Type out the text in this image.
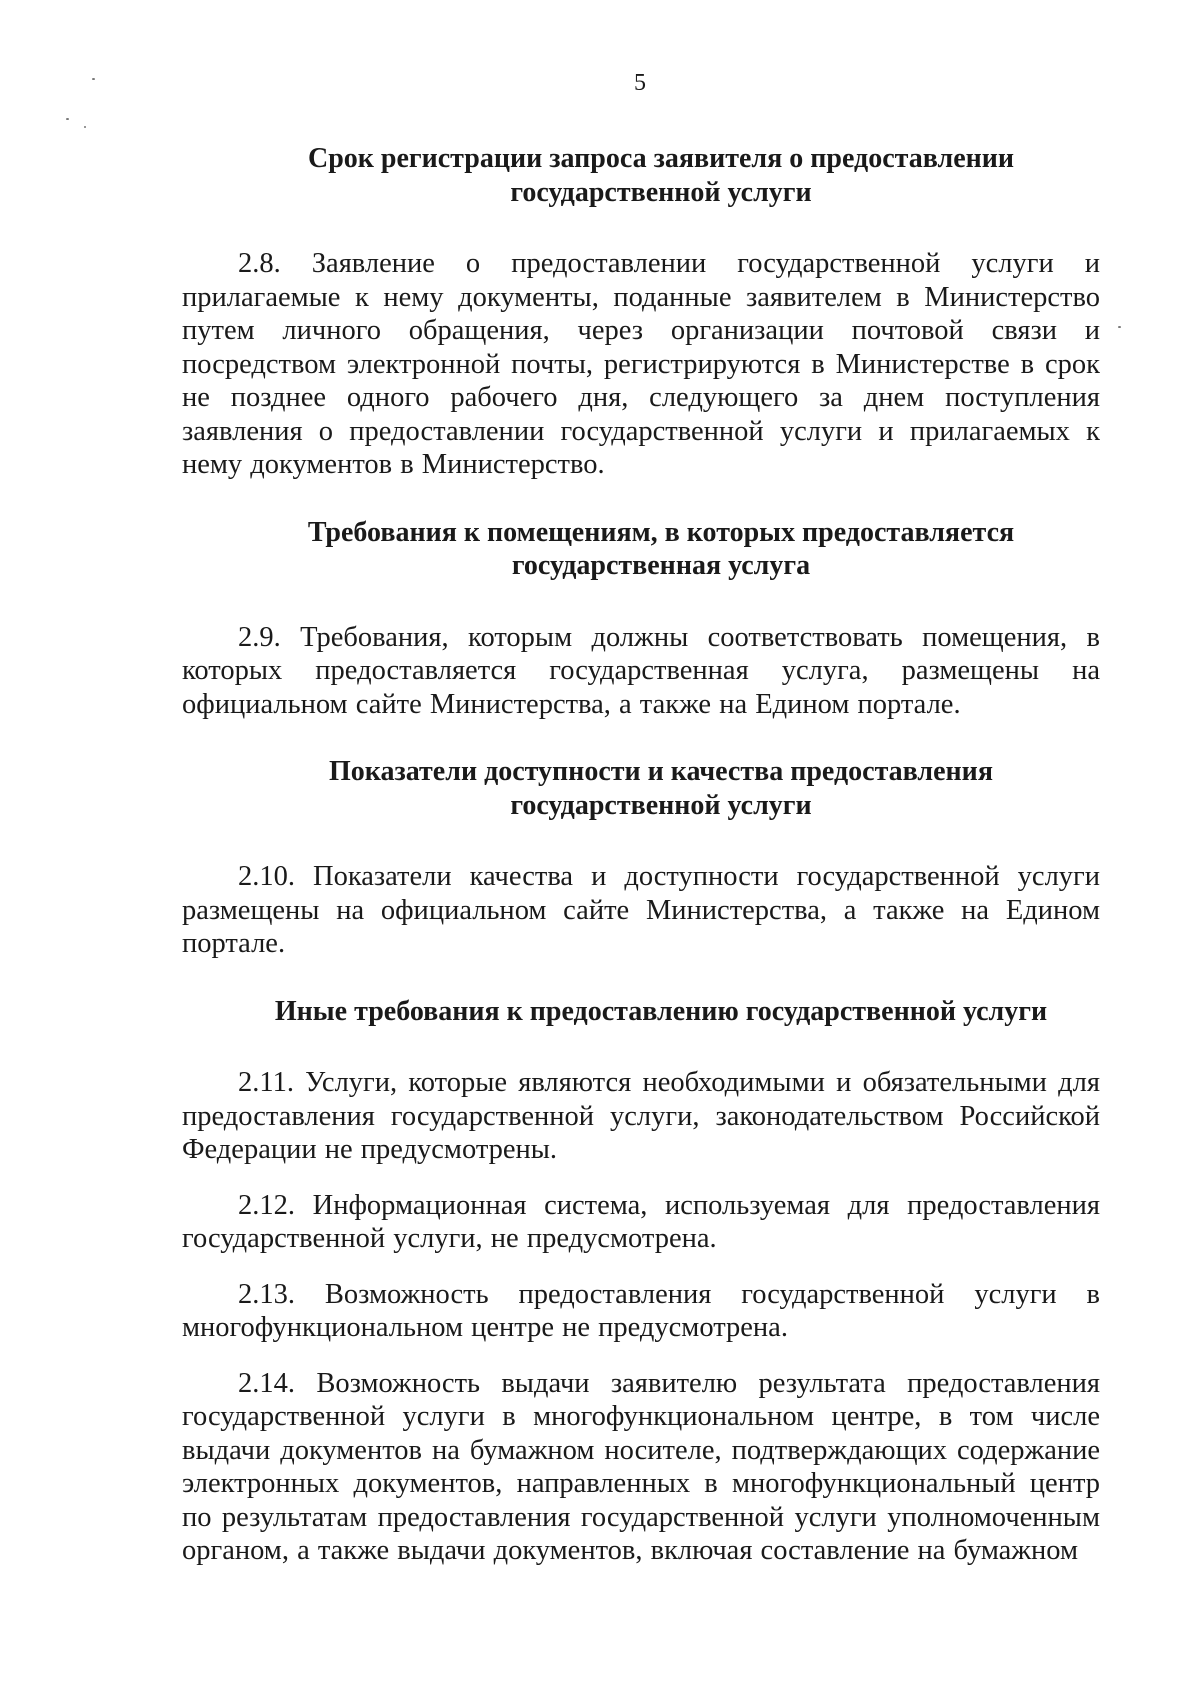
5
Срок регистрации запроса заявителя о предоставлении
государственной услуги

2.8. Заявление о предоставлении государственной услуги и прилагаемые к нему документы, поданные заявителем в Министерство путем личного обращения, через организации почтовой связи и посредством электронной почты, регистрируются в Министерстве в срок не позднее одного рабочего дня, следующего за днем поступления заявления о предоставлении государственной услуги и прилагаемых к нему документов в Министерство.

Требования к помещениям, в которых предоставляется
государственная услуга

2.9. Требования, которым должны соответствовать помещения, в которых предоставляется государственная услуга, размещены на официальном сайте Министерства, а также на Едином портале.

Показатели доступности и качества предоставления
государственной услуги

2.10. Показатели качества и доступности государственной услуги размещены на официальном сайте Министерства, а также на Едином портале.

Иные требования к предоставлению государственной услуги

2.11. Услуги, которые являются необходимыми и обязательными для предоставления государственной услуги, законодательством Российской Федерации не предусмотрены.

2.12. Информационная система, используемая для предоставления государственной услуги, не предусмотрена.

2.13. Возможность предоставления государственной услуги в многофункциональном центре не предусмотрена.

2.14. Возможность выдачи заявителю результата предоставления государственной услуги в многофункциональном центре, в том числе выдачи документов на бумажном носителе, подтверждающих содержание электронных документов, направленных в многофункциональный центр по результатам предоставления государственной услуги уполномоченным органом, а также выдачи документов, включая составление на бумажном
